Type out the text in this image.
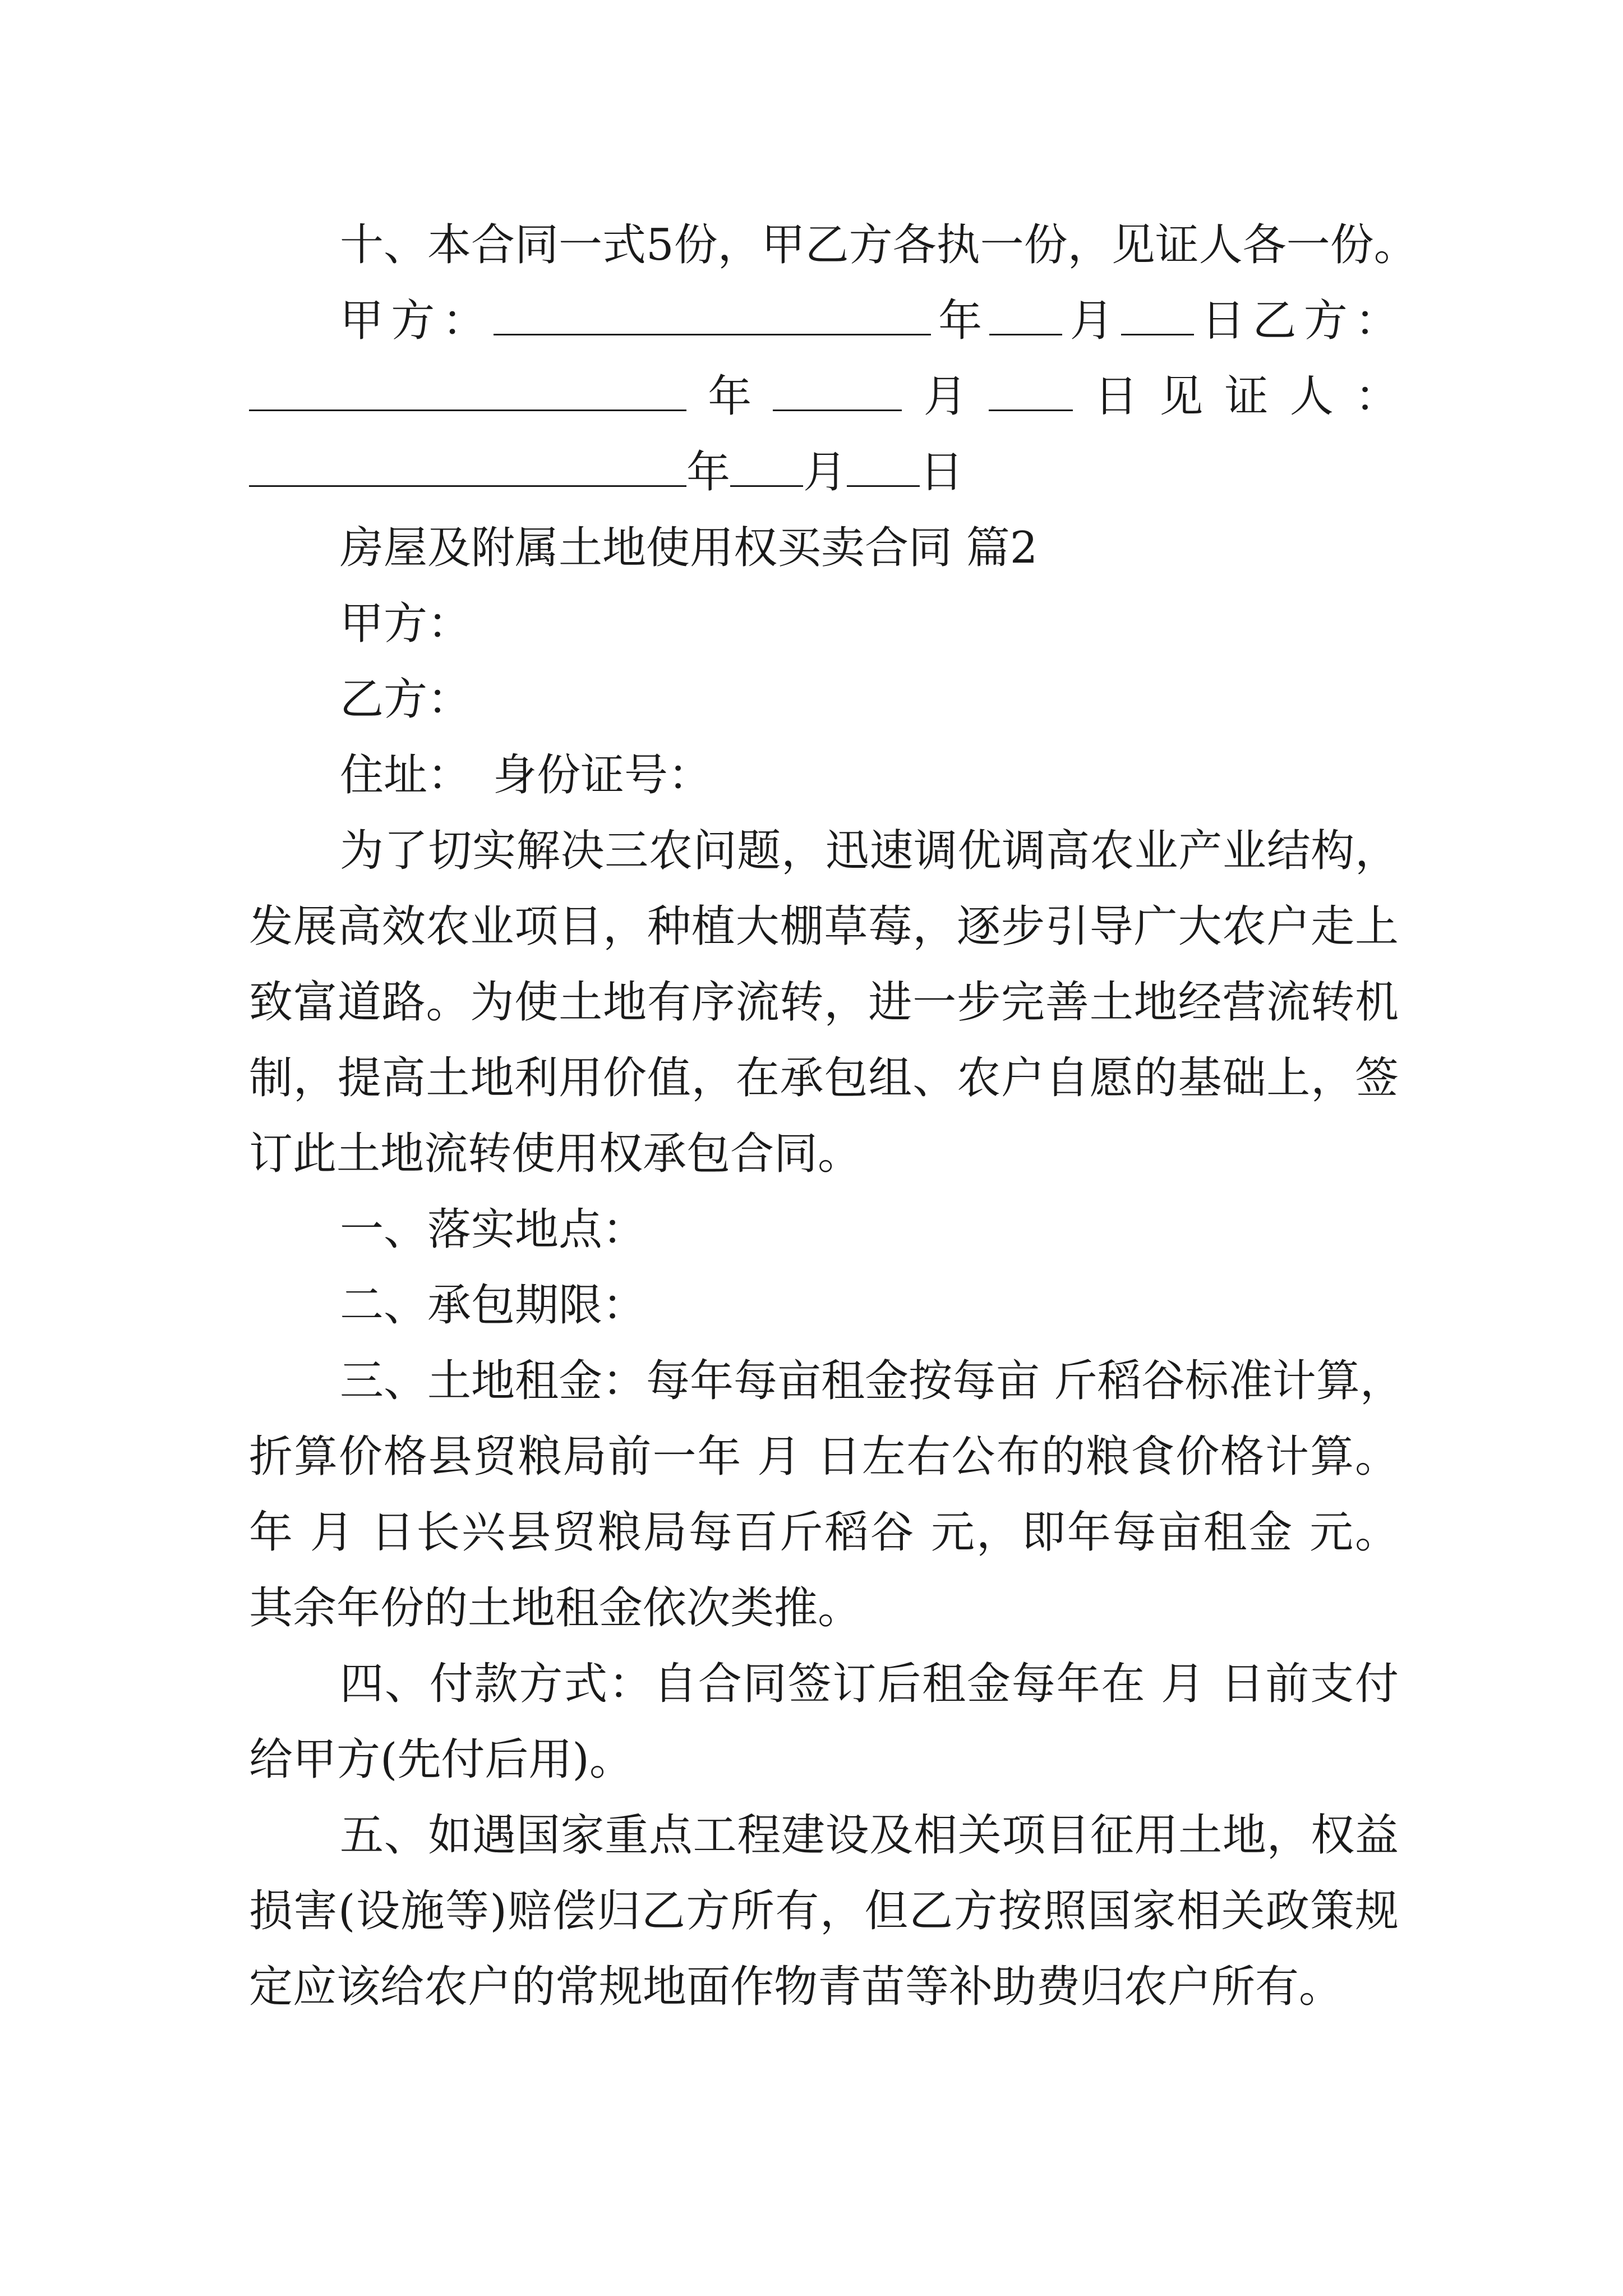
十、本合同一式5份，甲乙方各执一份，见证人各一份。
甲方：	年 月 日乙方：
年	月 日见证人：
年 月 日
房屋及附属土地使用权买卖合同 篇2
甲方：
乙方：
住址：　身份证号：
为了切实解决三农问题，迅速调优调高农业产业结构，
发展高效农业项目，种植大棚草莓，逐步引导广大农户走上
致富道路。为使土地有序流转，进一步完善土地经营流转机
制，提高土地利用价值，在承包组、农户自愿的基础上，签
订此土地流转使用权承包合同。
一、落实地点：
二、承包期限：
三、土地租金：每年每亩租金按每亩 斤稻谷标准计算，
折算价格县贸粮局前一年 月 日左右公布的粮食价格计算。
年 月 日长兴县贸粮局每百斤稻谷 元，即年每亩租金 元。
其余年份的土地租金依次类推。
四、付款方式：自合同签订后租金每年在 月 日前支付
给甲方(先付后用)。
五、如遇国家重点工程建设及相关项目征用土地，权益
损害(设施等)赔偿归乙方所有，但乙方按照国家相关政策规
定应该给农户的常规地面作物青苗等补助费归农户所有。
